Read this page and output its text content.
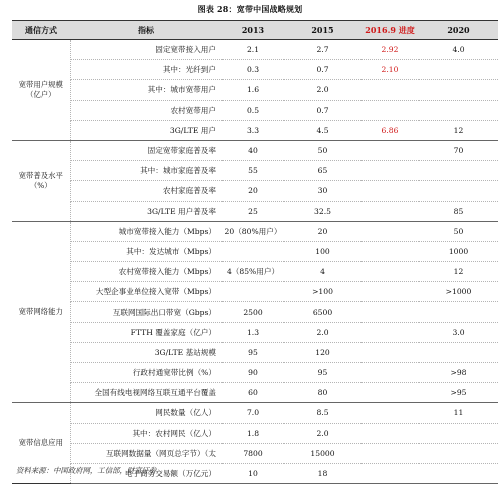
图表 28：宽带中国战略规划
通信方式	指标	2013	2015	2016.9 进度	2020
宽带用户规模（亿户）	固定宽带接入用户	2.1	2.7	2.92	4.0
	其中：光纤到户	0.3	0.7	2.10	
	其中：城市宽带用户	1.6	2.0		
	农村宽带用户	0.5	0.7		
	3G/LTE 用户	3.3	4.5	6.86	12
宽带普及水平（%）	固定宽带家庭普及率	40	50		70
	其中：城市家庭普及率	55	65		
	农村家庭普及率	20	30		
	3G/LTE 用户普及率	25	32.5		85
宽带网络能力	城市宽带接入能力（Mbps）	20（80%用户）	20		50
	其中：发达城市（Mbps）		100		1000
	农村宽带接入能力（Mbps）	4（85%用户）	4		12
	大型企事业单位接入宽带（Mbps）		>100		>1000
	互联网国际出口带宽（Gbps）	2500	6500		
	FTTH 覆盖家庭（亿户）	1.3	2.0		3.0
	3G/LTE 基站规模	95	120		
	行政村通宽带比例（%）	90	95		>98
	全国有线电视网络互联互通平台覆盖	60	80		>95
宽带信息应用	网民数量（亿人）	7.0	8.5		11
	其中：农村网民（亿人）	1.8	2.0		
	互联网数据量（网页总字节）（太	7800	15000		
	电子商务交易额（万亿元）	10	18		
资料来源：中国政府网，工信部，财富证券
